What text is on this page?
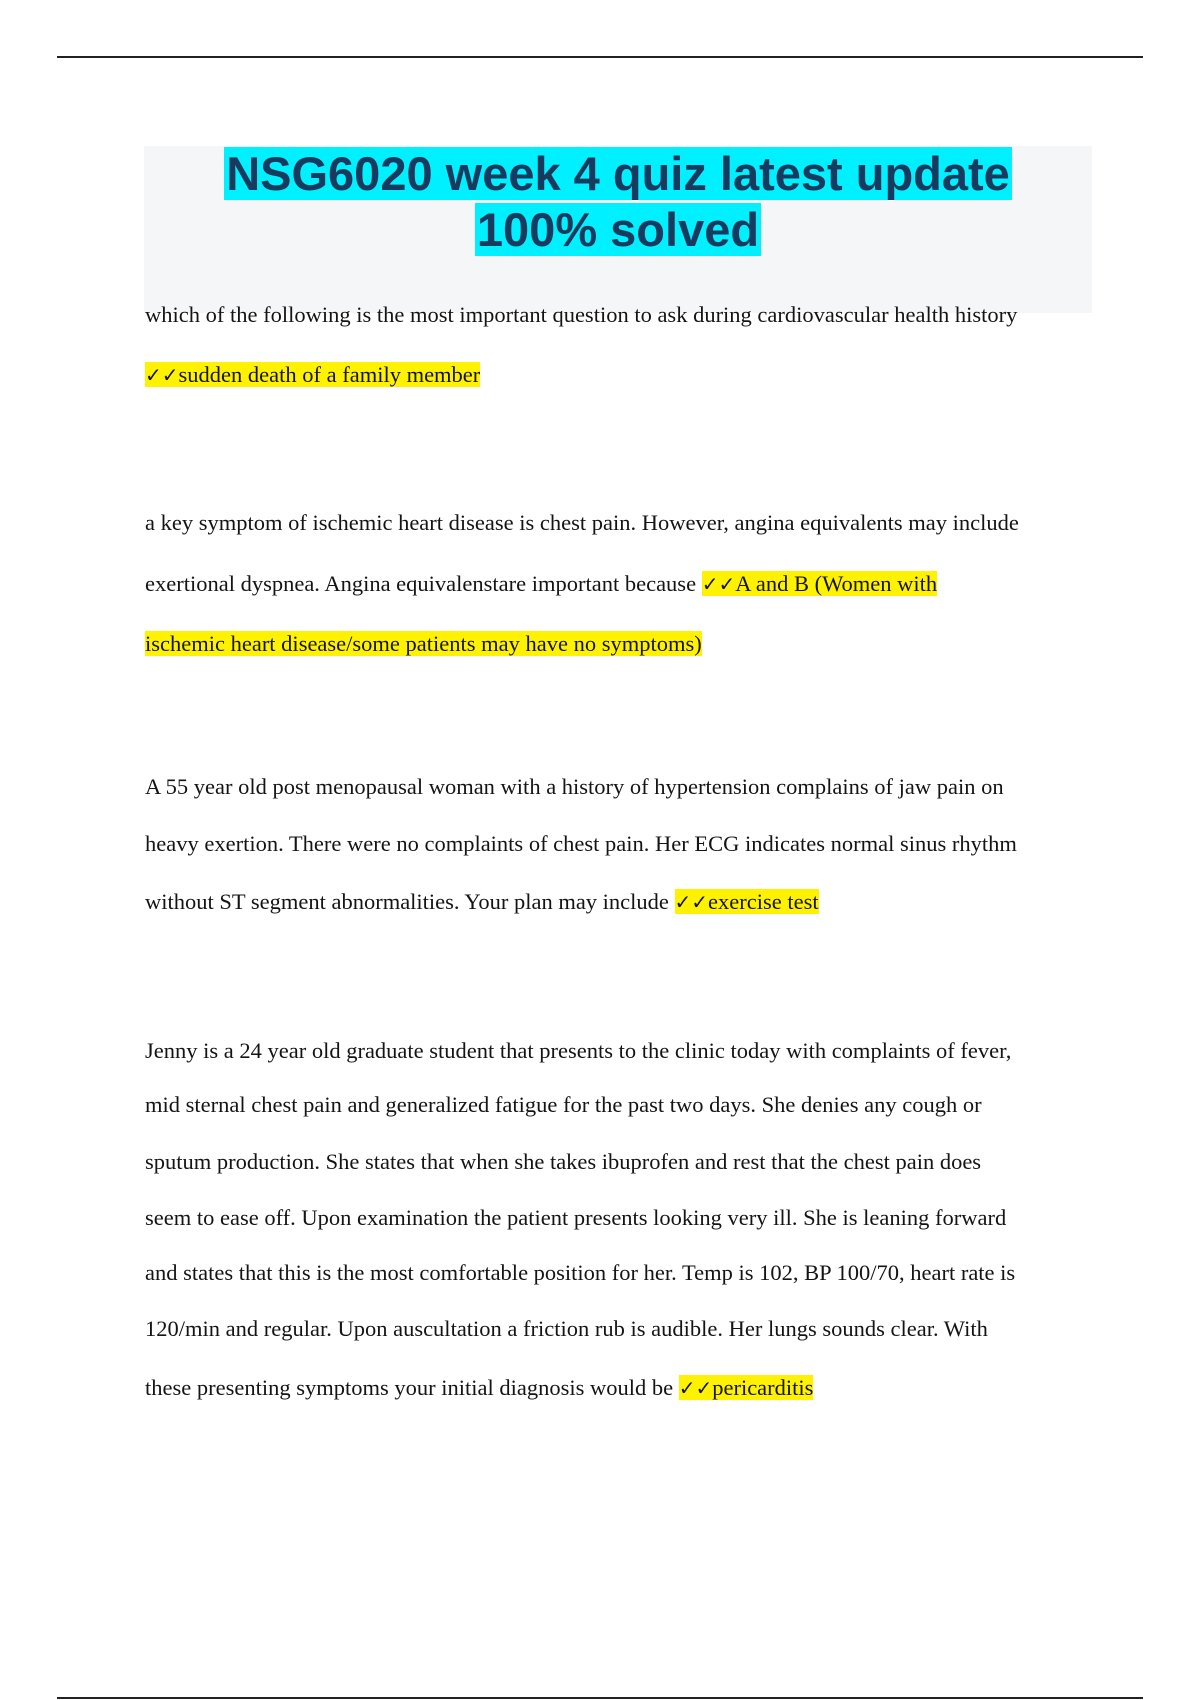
NSG6020 week 4 quiz latest update
100% solved
which of the following is the most important question to ask during cardiovascular health history
✓✓sudden death of a family member
a key symptom of ischemic heart disease is chest pain. However, angina equivalents may include
exertional dyspnea. Angina equivalenstare important because ✓✓A and B (Women with
ischemic heart disease/some patients may have no symptoms)
A 55 year old post menopausal woman with a history of hypertension complains of jaw pain on
heavy exertion. There were no complaints of chest pain. Her ECG indicates normal sinus rhythm
without ST segment abnormalities. Your plan may include ✓✓exercise test
Jenny is a 24 year old graduate student that presents to the clinic today with complaints of fever,
mid sternal chest pain and generalized fatigue for the past two days. She denies any cough or
sputum production. She states that when she takes ibuprofen and rest that the chest pain does
seem to ease off. Upon examination the patient presents looking very ill. She is leaning forward
and states that this is the most comfortable position for her. Temp is 102, BP 100/70, heart rate is
120/min and regular. Upon auscultation a friction rub is audible. Her lungs sounds clear. With
these presenting symptoms your initial diagnosis would be ✓✓pericarditis
